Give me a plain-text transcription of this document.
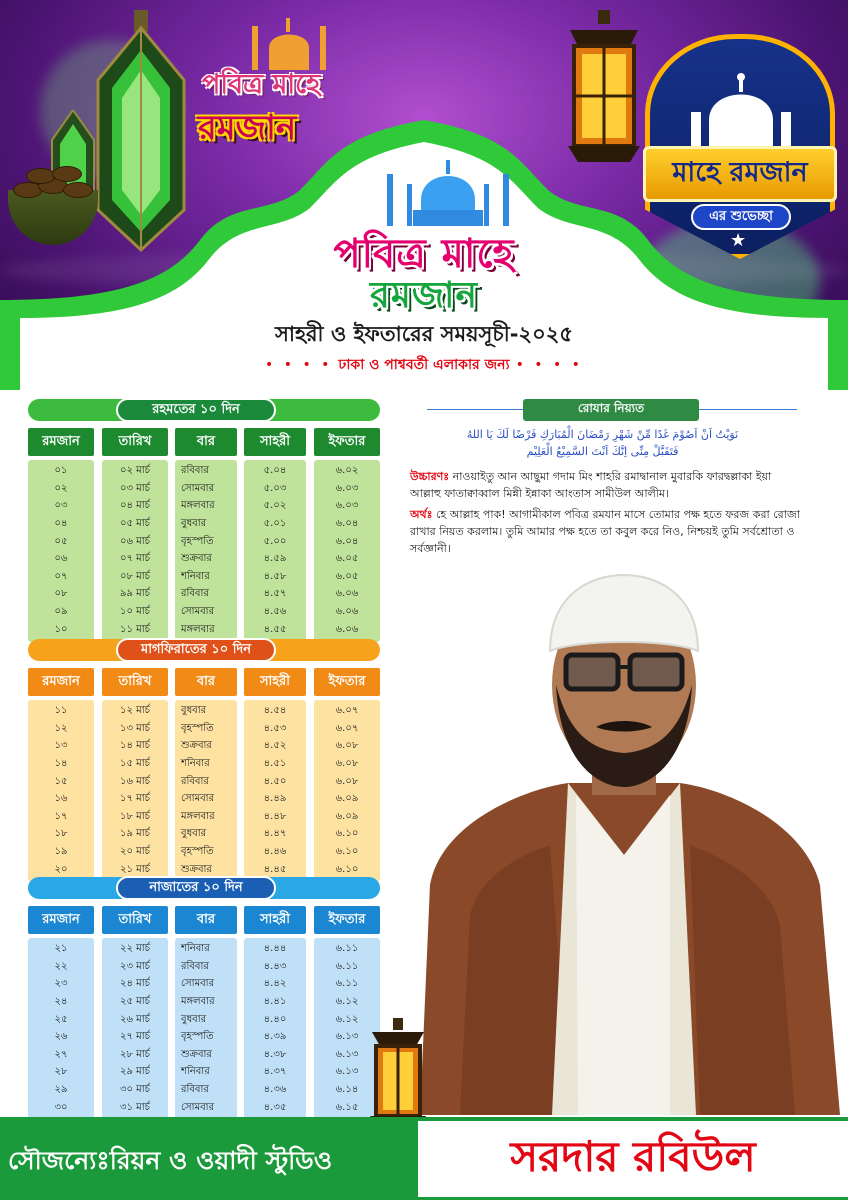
পবিত্র মাহে
রমজান
মাহে রমজান
এর শুভেচ্ছা
★
পবিত্র মাহে
রমজান
সাহরী ও ইফতারের সময়সূচী-২০২৫
• • • • ঢাকা ও পাশ্ববর্তী এলাকার জন্য • • • •
রহমতের ১০ দিন
রমজান
০১
০২
০৩
০৪
০৫
০৬
০৭
০৮
০৯
১০
তারিখ
০২ মার্চ
০৩ মার্চ
০৪ মার্চ
০৫ মার্চ
০৬ মার্চ
০৭ মার্চ
০৮ মার্চ
৯৯ মার্চ
১০ মার্চ
১১ মার্চ
বার
রবিবার
সোমবার
মঙ্গলবার
বুধবার
বৃহস্পতি
শুক্রবার
শনিবার
রবিবার
সোমবার
মঙ্গলবার
সাহরী
৫.০৪
৫.০৩
৫.০২
৫.০১
৫.০০
৪.৫৯
৪.৫৮
৪.৫৭
৪.৫৬
৪.৫৫
ইফতার
৬.০২
৬.০৩
৬.০৩
৬.০৪
৬.০৪
৬.০৫
৬.০৫
৬.০৬
৬.০৬
৬.০৬
মাগফিরাতের ১০ দিন
রমজান
১১
১২
১৩
১৪
১৫
১৬
১৭
১৮
১৯
২০
তারিখ
১২ মার্চ
১৩ মার্চ
১৪ মার্চ
১৫ মার্চ
১৬ মার্চ
১৭ মার্চ
১৮ মার্চ
১৯ মার্চ
২০ মার্চ
২১ মার্চ
বার
বুধবার
বৃহস্পতি
শুক্রবার
শনিবার
রবিবার
সোমবার
মঙ্গলবার
বুধবার
বৃহস্পতি
শুক্রবার
সাহরী
৪.৫৪
৪.৫৩
৪.৫২
৪.৫১
৪.৫০
৪.৪৯
৪.৪৮
৪.৪৭
৪.৪৬
৪.৪৫
ইফতার
৬.০৭
৬.০৭
৬.০৮
৬.০৮
৬.০৮
৬.০৯
৬.০৯
৬.১০
৬.১০
৬.১০
নাজাতের ১০ দিন
রমজান
২১
২২
২৩
২৪
২৫
২৬
২৭
২৮
২৯
৩০
তারিখ
২২ মার্চ
২৩ মার্চ
২৪ মার্চ
২৫ মার্চ
২৬ মার্চ
২৭ মার্চ
২৮ মার্চ
২৯ মার্চ
৩০ মার্চ
৩১ মার্চ
বার
শনিবার
রবিবার
সোমবার
মঙ্গলবার
বুধবার
বৃহস্পতি
শুক্রবার
শনিবার
রবিবার
সোমবার
সাহরী
৪.৪৪
৪.৪৩
৪.৪২
৪.৪১
৪.৪০
৪.৩৯
৪.৩৮
৪.৩৭
৪.৩৬
৪.৩৫
ইফতার
৬.১১
৬.১১
৬.১১
৬.১২
৬.১২
৬.১৩
৬.১৩
৬.১৩
৬.১৪
৬.১৫
রোযার নিয়্যত
نَوَيْتُ اَنْ اَصُوْمَ غَدًا مِّنْ شَهْرِ رَمْضَانَ الْمُبَارَكِ فَرْضًا لَكَ يَا اللهُ
فَتَقَبَّلْ مِنِّى اِنَّكَ اَنْتَ السَّمِيْعُ الْعَلِيْم
উচ্চারণঃ নাওয়াইতু আন আছুমা গদাম মিং শাহরি রমাদ্বানাল মুবারকি ফারদ্বল্লাকা ইয়া আল্লাহু ফাতাক্বাব্বাল মিন্নী ইন্নাকা আংতাস সামীউল আলীম।
অর্থঃ হে আল্লাহ পাক! আগামীকাল পবিত্র রমযান মাসে তোমার পক্ষ হতে ফরজ করা রোজা রাখার নিয়ত করলাম। তুমি আমার পক্ষ হতে তা কবুল করে নিও, নিশ্চয়ই তুমি সর্বশ্রোতা ও সর্বজ্ঞানী।
সৌজন্যেঃরিয়ন ও ওয়াদী স্টুডিও	সরদার রবিউল
